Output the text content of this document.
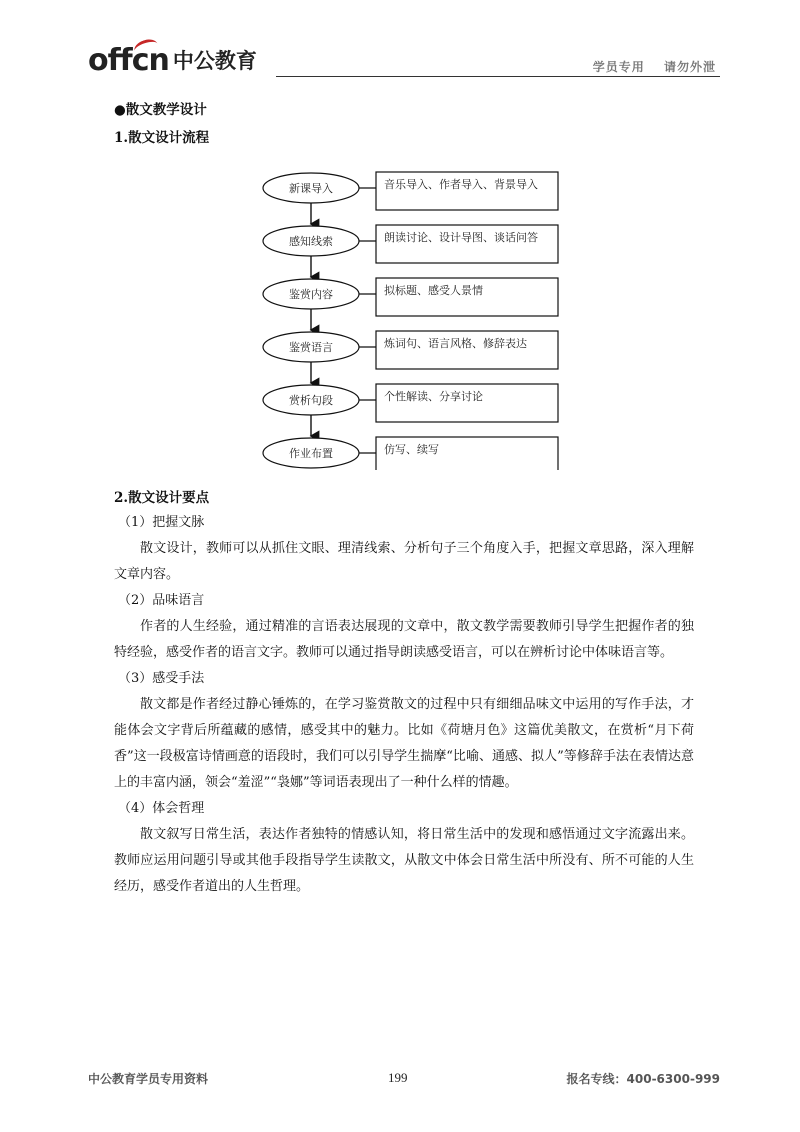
offcn 中公教育	学员专用 请勿外泄

●散文教学设计

1.散文设计流程

新课导入	音乐导入、作者导入、背景导入
感知线索	朗读讨论、设计导图、谈话问答
鉴赏内容	拟标题、感受人景情
鉴赏语言	炼词句、语言风格、修辞表达
赏析句段	个性解读、分享讨论
作业布置	仿写、续写

2.散文设计要点

（1）把握文脉

散文设计，教师可以从抓住文眼、理清线索、分析句子三个角度入手，把握文章思路，深入理解文章内容。

（2）品味语言

作者的人生经验，通过精准的言语表达展现的文章中，散文教学需要教师引导学生把握作者的独特经验，感受作者的语言文字。教师可以通过指导朗读感受语言，可以在辨析讨论中体味语言等。

（3）感受手法

散文都是作者经过静心锤炼的，在学习鉴赏散文的过程中只有细细品味文中运用的写作手法，才能体会文字背后所蕴藏的感情，感受其中的魅力。比如《荷塘月色》这篇优美散文，在赏析“月下荷香”这一段极富诗情画意的语段时，我们可以引导学生揣摩“比喻、通感、拟人”等修辞手法在表情达意上的丰富内涵，领会“羞涩”“袅娜”等词语表现出了一种什么样的情趣。

（4）体会哲理

散文叙写日常生活，表达作者独特的情感认知，将日常生活中的发现和感悟通过文字流露出来。教师应运用问题引导或其他手段指导学生读散文，从散文中体会日常生活中所没有、所不可能的人生经历，感受作者道出的人生哲理。

中公教育学员专用资料	199	报名专线：400-6300-999
